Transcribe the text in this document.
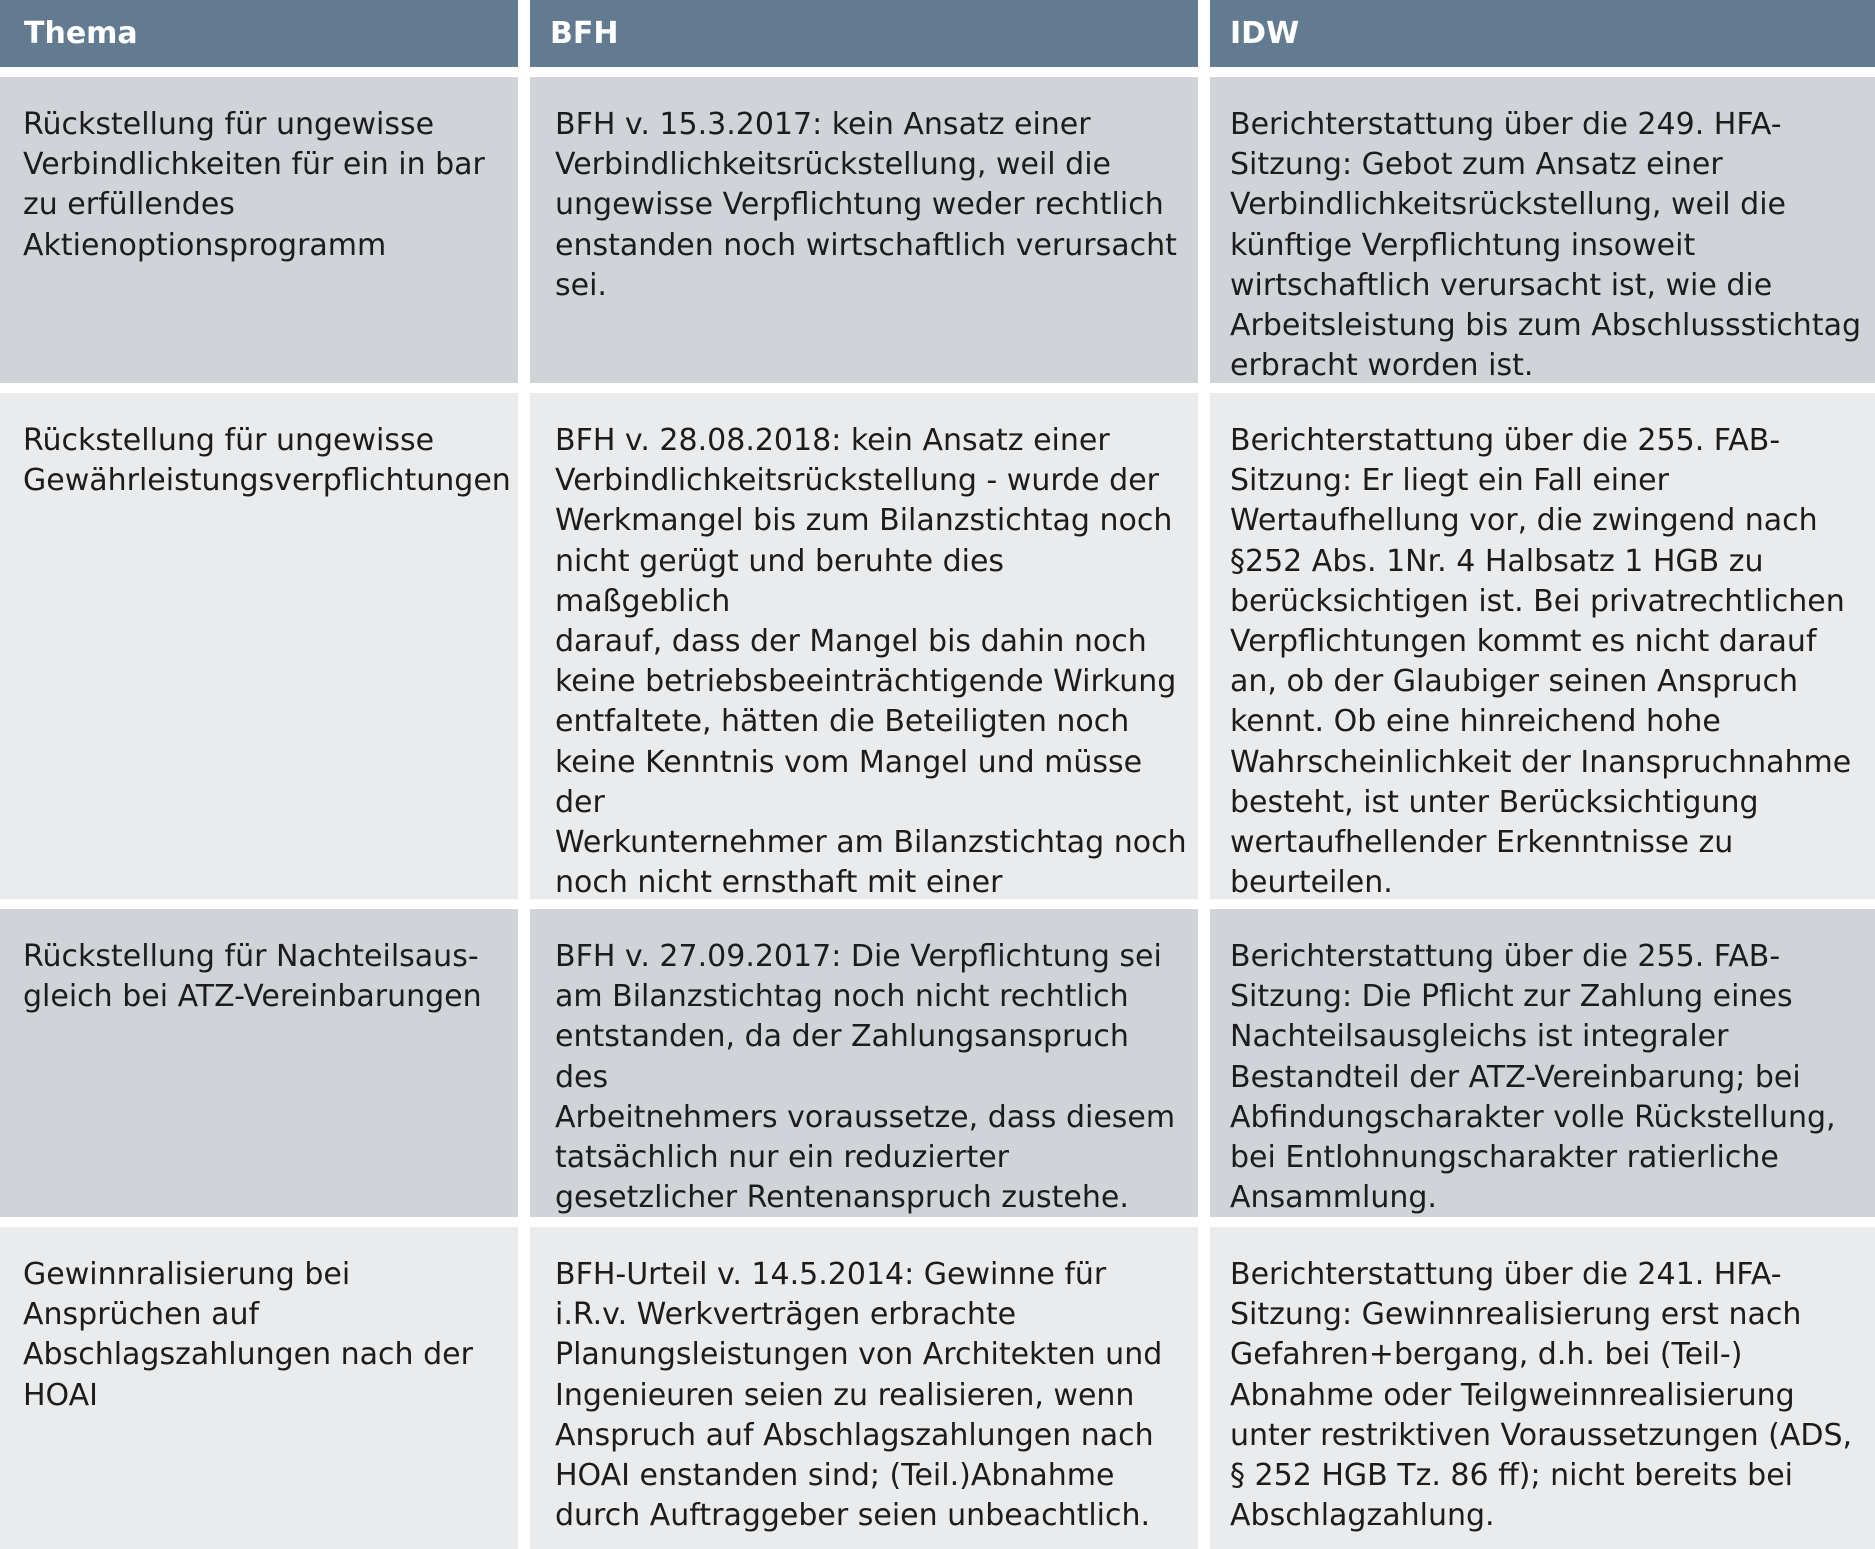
Thema	BFH	IDW
Rückstellung für ungewisse
Verbindlichkeiten für ein in bar
zu erfüllendes
Aktienoptionsprogramm
BFH v. 15.3.2017: kein Ansatz einer
Verbindlichkeitsrückstellung, weil die
ungewisse Verpflichtung weder rechtlich
enstanden noch wirtschaftlich verursacht
sei.
Berichterstattung über die 249. HFA-
Sitzung: Gebot zum Ansatz einer
Verbindlichkeitsrückstellung, weil die
künftige Verpflichtung insoweit
wirtschaftlich verursacht ist, wie die
Arbeitsleistung bis zum Abschlussstichtag
erbracht worden ist.
Rückstellung für ungewisse
Gewährleistungsverpflichtungen
BFH v. 28.08.2018: kein Ansatz einer
Verbindlichkeitsrückstellung - wurde der
Werkmangel bis zum Bilanzstichtag noch
nicht gerügt und beruhte dies maßgeblich
darauf, dass der Mangel bis dahin noch
keine betriebsbeeinträchtigende Wirkung
entfaltete, hätten die Beteiligten noch
keine Kenntnis vom Mangel und müsse der
Werkunternehmer am Bilanzstichtag noch
noch nicht ernsthaft mit einer

Berichterstattung über die 255. FAB-
Sitzung: Er liegt ein Fall einer
Wertaufhellung vor, die zwingend nach
§252 Abs. 1Nr. 4 Halbsatz 1 HGB zu
berücksichtigen ist. Bei privatrechtlichen
Verpflichtungen kommt es nicht darauf
an, ob der Glaubiger seinen Anspruch
kennt. Ob eine hinreichend hohe
Wahrscheinlichkeit der Inanspruchnahme
besteht, ist unter Berücksichtigung
wertaufhellender Erkenntnisse zu
beurteilen.
Rückstellung für Nachteilsaus-
gleich bei ATZ-Vereinbarungen
BFH v. 27.09.2017: Die Verpflichtung sei
am Bilanzstichtag noch nicht rechtlich
entstanden, da der Zahlungsanspruch des
Arbeitnehmers voraussetze, dass diesem
tatsächlich nur ein reduzierter
gesetzlicher Rentenanspruch zustehe.
Berichterstattung über die 255. FAB-
Sitzung: Die Pflicht zur Zahlung eines
Nachteilsausgleichs ist integraler
Bestandteil der ATZ-Vereinbarung; bei
Abfindungscharakter volle Rückstellung,
bei Entlohnungscharakter ratierliche
Ansammlung.
Gewinnralisierung bei
Ansprüchen auf
Abschlagszahlungen nach der
HOAI
BFH-Urteil v. 14.5.2014: Gewinne für
i.R.v. Werkverträgen erbrachte
Planungsleistungen von Architekten und
Ingenieuren seien zu realisieren, wenn
Anspruch auf Abschlagszahlungen nach
HOAI enstanden sind; (Teil.)Abnahme
durch Auftraggeber seien unbeachtlich.
Berichterstattung über die 241. HFA-
Sitzung: Gewinnrealisierung erst nach
Gefahren+bergang, d.h. bei (Teil-)
Abnahme oder Teilgweinnrealisierung
unter restriktiven Voraussetzungen (ADS,
§ 252 HGB Tz. 86 ff); nicht bereits bei
Abschlagzahlung.
